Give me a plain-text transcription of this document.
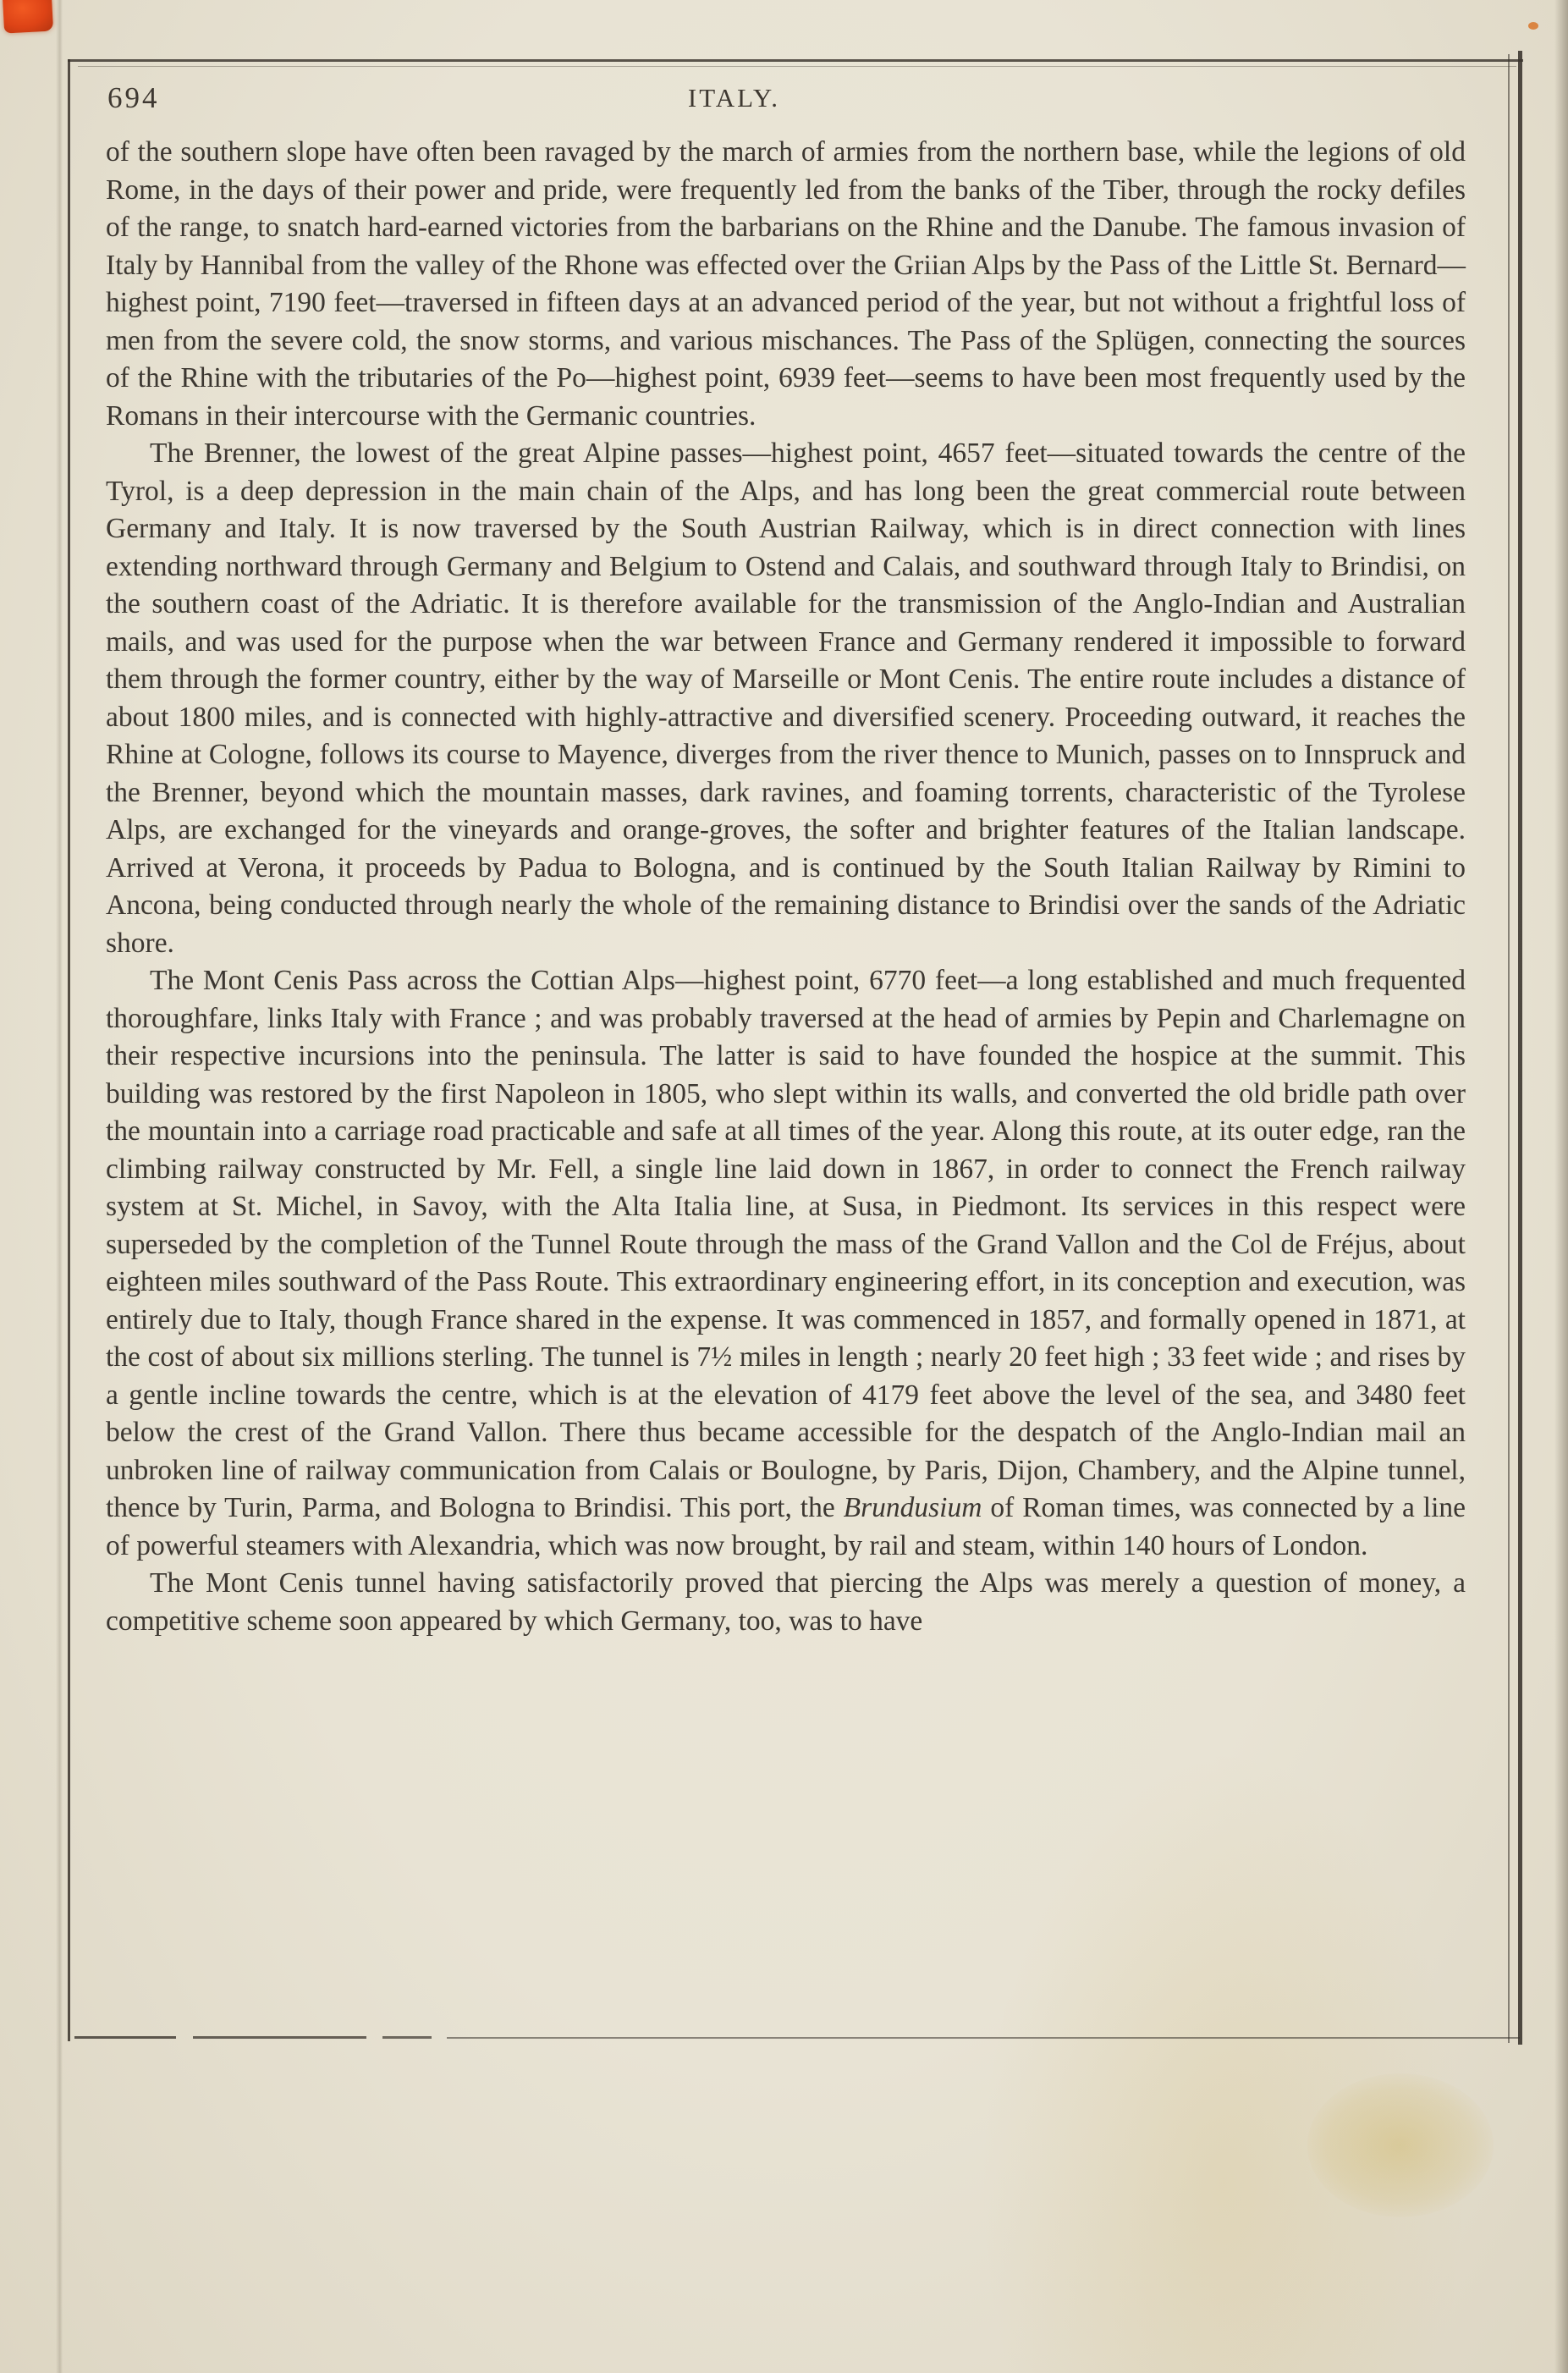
694	ITALY.

of the southern slope have often been ravaged by the march of armies from the northern base, while the legions of old Rome, in the days of their power and pride, were frequently led from the banks of the Tiber, through the rocky defiles of the range, to snatch hard-earned victories from the barbarians on the Rhine and the Danube. The famous invasion of Italy by Hannibal from the valley of the Rhone was effected over the Griian Alps by the Pass of the Little St. Bernard—highest point, 7190 feet—traversed in fifteen days at an advanced period of the year, but not without a frightful loss of men from the severe cold, the snow storms, and various mischances. The Pass of the Splügen, connecting the sources of the Rhine with the tributaries of the Po—highest point, 6939 feet—seems to have been most frequently used by the Romans in their intercourse with the Germanic countries.

The Brenner, the lowest of the great Alpine passes—highest point, 4657 feet—situated towards the centre of the Tyrol, is a deep depression in the main chain of the Alps, and has long been the great commercial route between Germany and Italy. It is now traversed by the South Austrian Railway, which is in direct connection with lines extending northward through Germany and Belgium to Ostend and Calais, and southward through Italy to Brindisi, on the southern coast of the Adriatic. It is therefore available for the transmission of the Anglo-Indian and Australian mails, and was used for the purpose when the war between France and Germany rendered it impossible to forward them through the former country, either by the way of Marseille or Mont Cenis. The entire route includes a distance of about 1800 miles, and is connected with highly-attractive and diversified scenery. Proceeding outward, it reaches the Rhine at Cologne, follows its course to Mayence, diverges from the river thence to Munich, passes on to Innspruck and the Brenner, beyond which the mountain masses, dark ravines, and foaming torrents, characteristic of the Tyrolese Alps, are exchanged for the vineyards and orange-groves, the softer and brighter features of the Italian landscape. Arrived at Verona, it proceeds by Padua to Bologna, and is continued by the South Italian Railway by Rimini to Ancona, being conducted through nearly the whole of the remaining distance to Brindisi over the sands of the Adriatic shore.

The Mont Cenis Pass across the Cottian Alps—highest point, 6770 feet—a long established and much frequented thoroughfare, links Italy with France ; and was probably traversed at the head of armies by Pepin and Charlemagne on their respective incursions into the peninsula. The latter is said to have founded the hospice at the summit. This building was restored by the first Napoleon in 1805, who slept within its walls, and converted the old bridle path over the mountain into a carriage road practicable and safe at all times of the year. Along this route, at its outer edge, ran the climbing railway constructed by Mr. Fell, a single line laid down in 1867, in order to connect the French railway system at St. Michel, in Savoy, with the Alta Italia line, at Susa, in Piedmont. Its services in this respect were superseded by the completion of the Tunnel Route through the mass of the Grand Vallon and the Col de Fréjus, about eighteen miles southward of the Pass Route. This extraordinary engineering effort, in its conception and execution, was entirely due to Italy, though France shared in the expense. It was commenced in 1857, and formally opened in 1871, at the cost of about six millions sterling. The tunnel is 7½ miles in length ; nearly 20 feet high ; 33 feet wide ; and rises by a gentle incline towards the centre, which is at the elevation of 4179 feet above the level of the sea, and 3480 feet below the crest of the Grand Vallon. There thus became accessible for the despatch of the Anglo-Indian mail an unbroken line of railway communication from Calais or Boulogne, by Paris, Dijon, Chambery, and the Alpine tunnel, thence by Turin, Parma, and Bologna to Brindisi. This port, the Brundusium of Roman times, was connected by a line of powerful steamers with Alexandria, which was now brought, by rail and steam, within 140 hours of London.

The Mont Cenis tunnel having satisfactorily proved that piercing the Alps was merely a question of money, a competitive scheme soon appeared by which Germany, too, was to have
